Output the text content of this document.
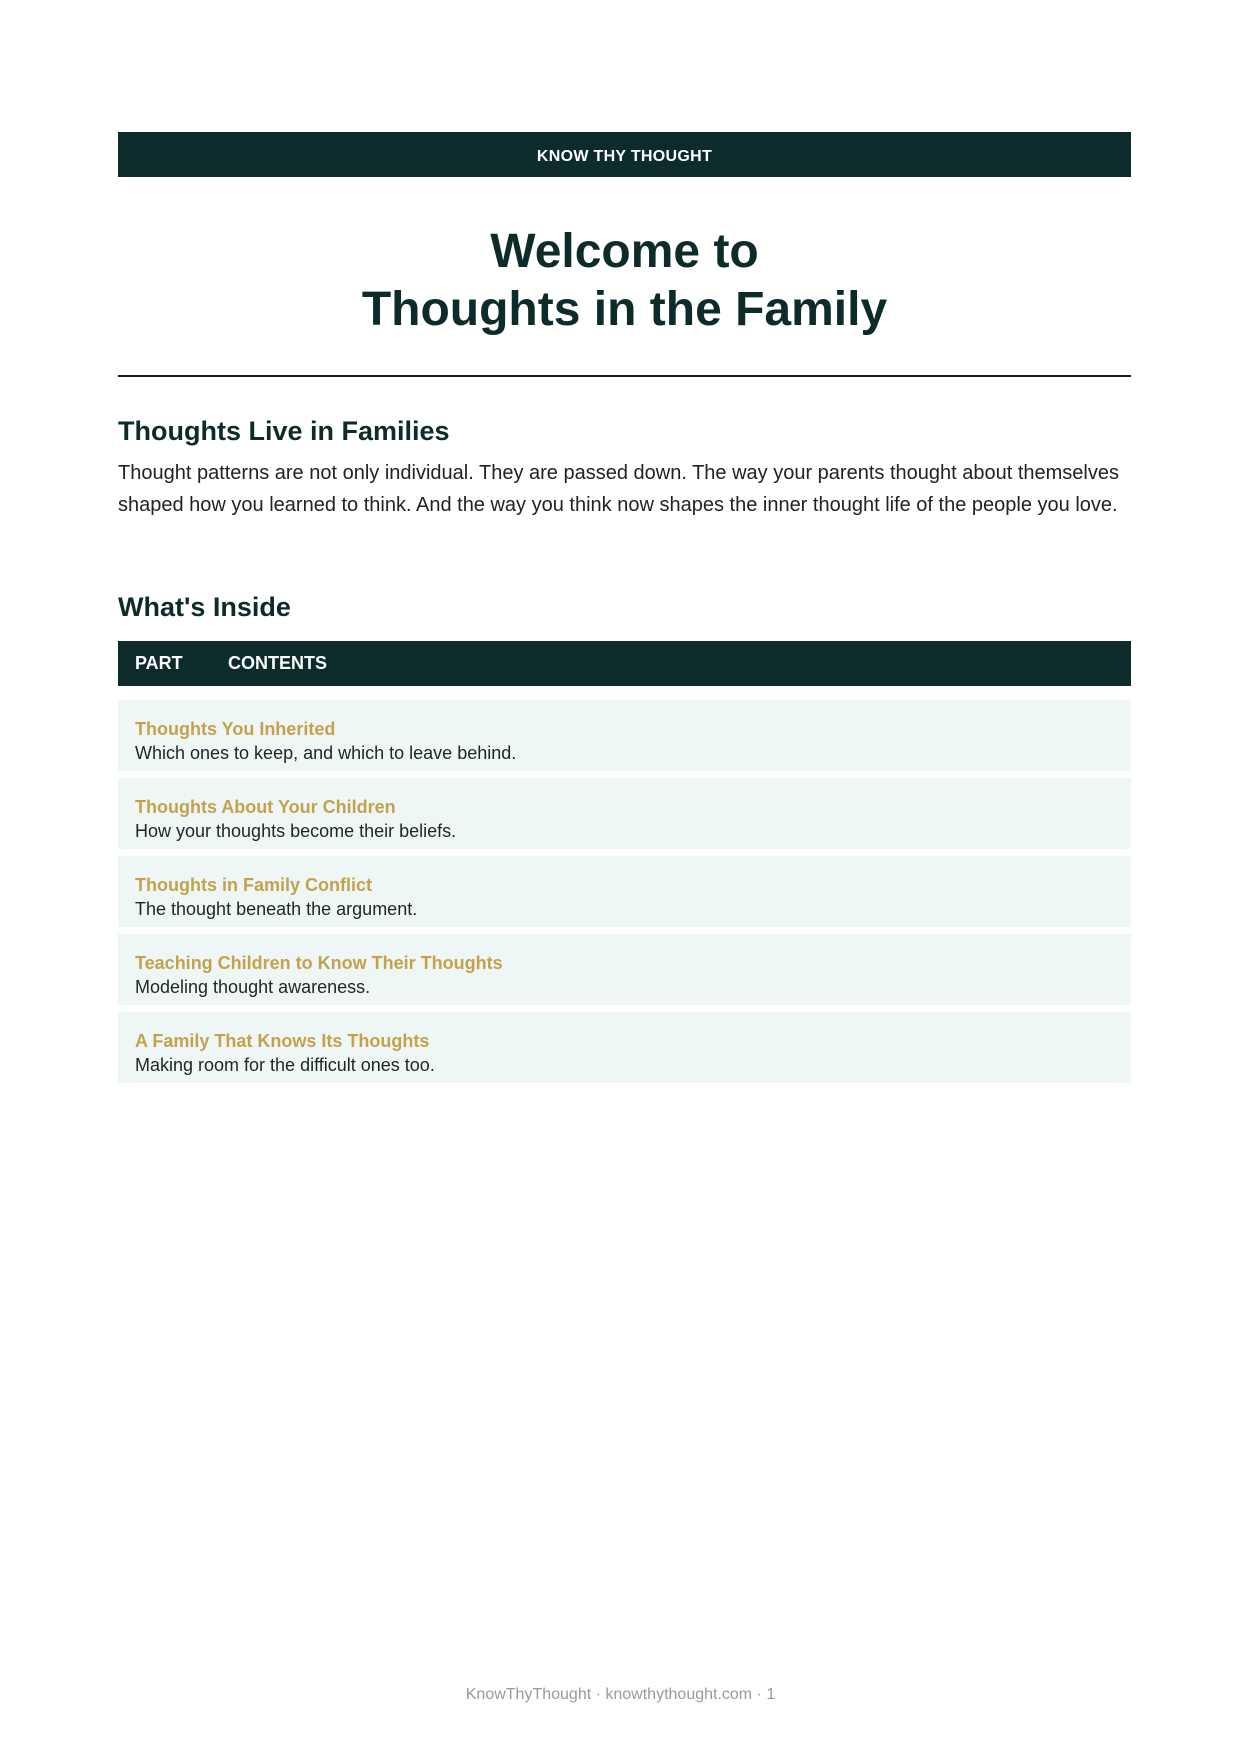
KNOW THY THOUGHT
Welcome to
Thoughts in the Family
Thoughts Live in Families

Thought patterns are not only individual. They are passed down. The way your parents thought about themselves shaped how you learned to think. And the way you think now shapes the inner thought life of the people you love.

What's Inside
PART	CONTENTS
Thoughts You Inherited
Which ones to keep, and which to leave behind.
Thoughts About Your Children
How your thoughts become their beliefs.
Thoughts in Family Conflict
The thought beneath the argument.
Teaching Children to Know Their Thoughts
Modeling thought awareness.
A Family That Knows Its Thoughts
Making room for the difficult ones too.
KnowThyThought · knowthythought.com · 1
